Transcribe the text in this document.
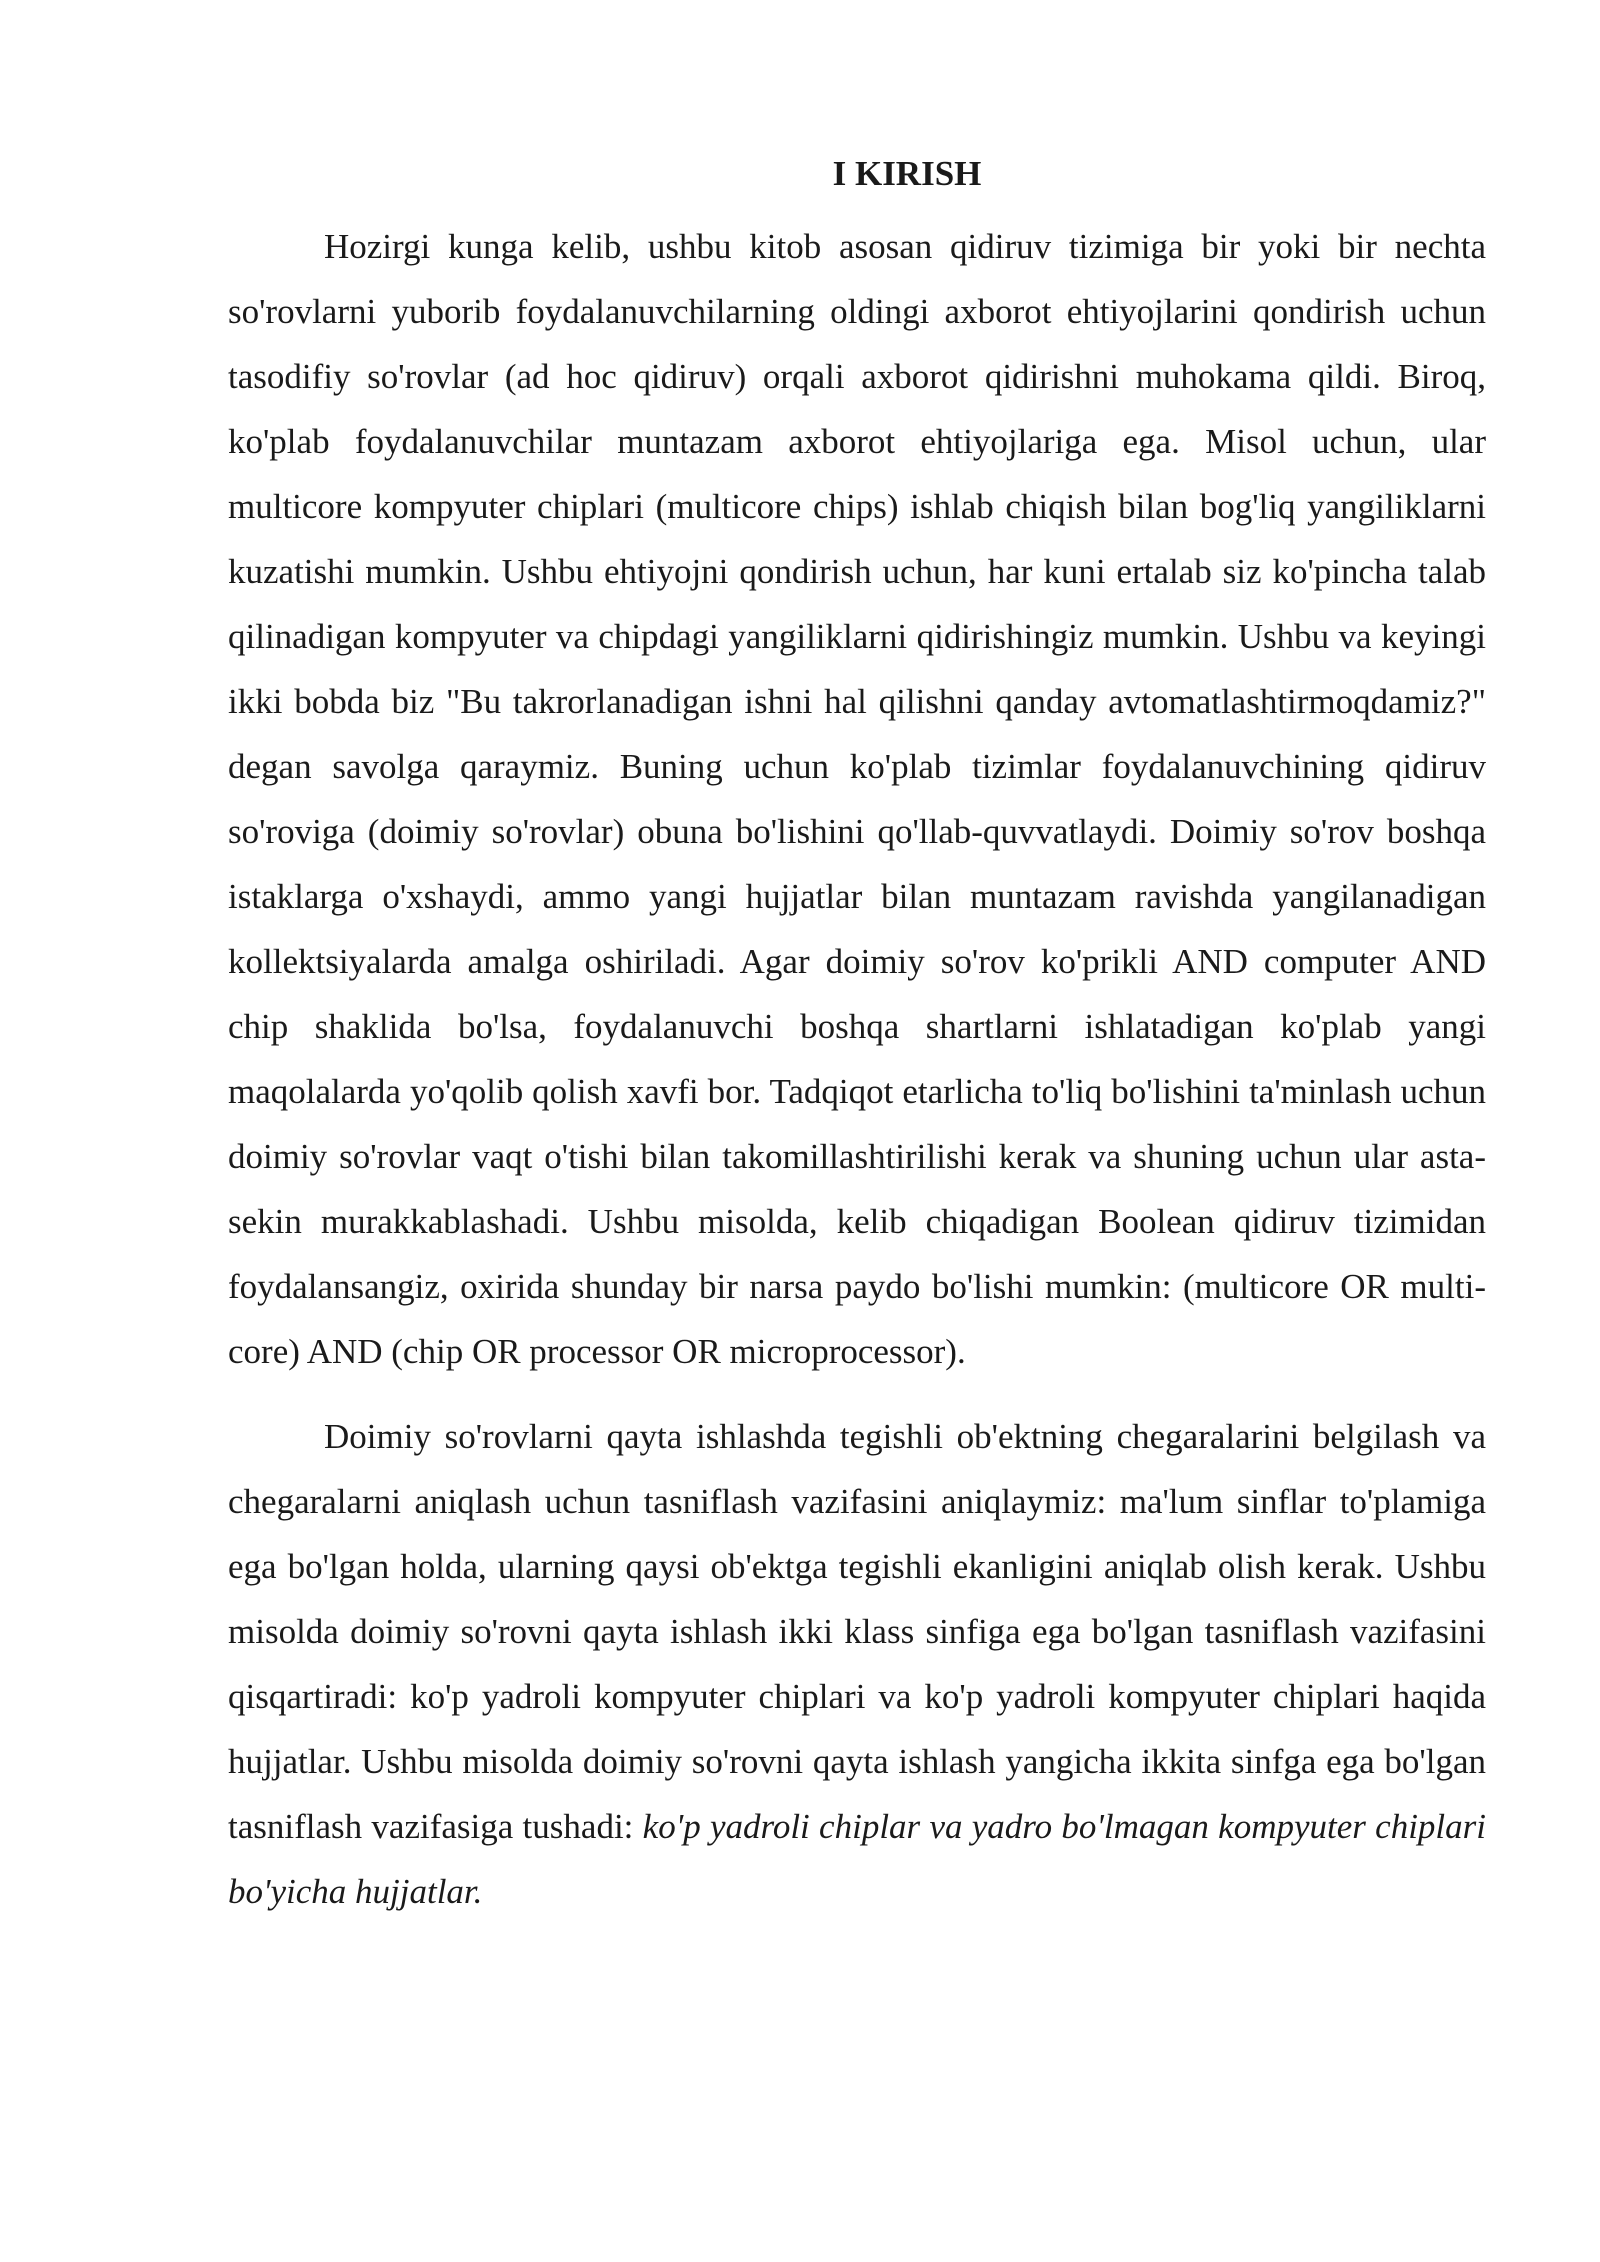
I KIRISH

Hozirgi kunga kelib, ushbu kitob asosan qidiruv tizimiga bir yoki bir nechta so'rovlarni yuborib foydalanuvchilarning oldingi axborot ehtiyojlarini qondirish uchun tasodifiy so'rovlar (ad hoc qidiruv) orqali axborot qidirishni muhokama qildi. Biroq, ko'plab foydalanuvchilar muntazam axborot ehtiyojlariga ega. Misol uchun, ular multicore kompyuter chiplari (multicore chips) ishlab chiqish bilan bog'liq yangiliklarni kuzatishi mumkin. Ushbu ehtiyojni qondirish uchun, har kuni ertalab siz ko'pincha talab qilinadigan kompyuter va chipdagi yangiliklarni qidirishingiz mumkin. Ushbu va keyingi ikki bobda biz "Bu takrorlanadigan ishni hal qilishni qanday avtomatlashtirmoqdamiz?" degan savolga qaraymiz. Buning uchun ko'plab tizimlar foydalanuvchining qidiruv so'roviga (doimiy so'rovlar) obuna bo'lishini qo'llab-quvvatlaydi. Doimiy so'rov boshqa istaklarga o'xshaydi, ammo yangi hujjatlar bilan muntazam ravishda yangilanadigan kollektsiyalarda amalga oshiriladi. Agar doimiy so'rov ko'prikli AND computer AND chip shaklida bo'lsa, foydalanuvchi boshqa shartlarni ishlatadigan ko'plab yangi maqolalarda yo'qolib qolish xavfi bor. Tadqiqot etarlicha to'liq bo'lishini ta'minlash uchun doimiy so'rovlar vaqt o'tishi bilan takomillashtirilishi kerak va shuning uchun ular asta-sekin murakkablashadi. Ushbu misolda, kelib chiqadigan Boolean qidiruv tizimidan foydalansangiz, oxirida shunday bir narsa paydo bo'lishi mumkin: (multicore OR multi-core) AND (chip OR processor OR microprocessor).

Doimiy so'rovlarni qayta ishlashda tegishli ob'ektning chegaralarini belgilash va chegaralarni aniqlash uchun tasniflash vazifasini aniqlaymiz: ma'lum sinflar to'plamiga ega bo'lgan holda, ularning qaysi ob'ektga tegishli ekanligini aniqlab olish kerak. Ushbu misolda doimiy so'rovni qayta ishlash ikki klass sinfiga ega bo'lgan tasniflash vazifasini qisqartiradi: ko'p yadroli kompyuter chiplari va ko'p yadroli kompyuter chiplari haqida hujjatlar. Ushbu misolda doimiy so'rovni qayta ishlash yangicha ikkita sinfga ega bo'lgan tasniflash vazifasiga tushadi: ko'p yadroli chiplar va yadro bo'lmagan kompyuter chiplari bo'yicha hujjatlar.
